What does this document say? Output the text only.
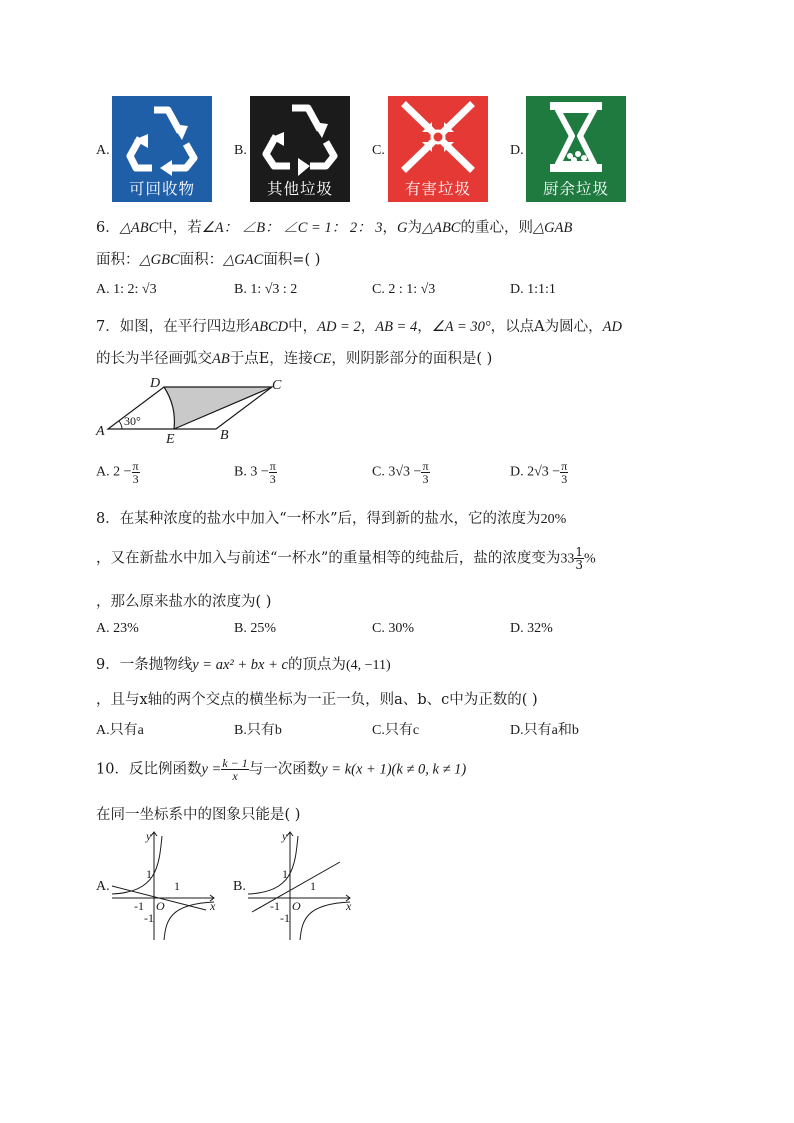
A.
可回收物
B.
其他垃圾
C.
有害垃圾
D.
厨余垃圾
6．△ABC中，若∠A： ∠B： ∠C = 1： 2： 3，G为△ABC的重心，则△GAB
面积：△GBC面积：△GAC面积=( )
A. 1: 2: √3	B. 1: √3 : 2	C. 2 : 1: √3	D. 1:1:1
7．如图，在平行四边形ABCD中，AD = 2，AB = 4，∠A = 30°，以点A为圆心，AD
的长为半径画弧交AB于点E，连接CE，则阴影部分的面积是( )
D	C
A
E	B
30°
A. $2 - \frac{\pi}{3}$	B. $3 - \frac{\pi}{3}$	C. $3√3 - \frac{\pi}{3}$	D. $2√3 - \frac{\pi}{3}$
8．在某种浓度的盐水中加入“一杯水”后，得到新的盐水，它的浓度为20%
，又在新盐水中加入与前述“一杯水”的重量相等的纯盐后，盐的浓度变为$33 \frac{1}{3}$ %
，那么原来盐水的浓度为( )
A. 23%	B. 25%	C. 30%	D. 32%
9．一条抛物线y = ax² + bx + c的顶点为(4, −11)
，且与x轴的两个交点的横坐标为一正一负，则a、b、c中为正数的( )
A.只有a	B.只有b	C.只有c	D.只有a和b
10．反比例函数$y = \frac{k - 1}{x}$ 与一次函数y = k(x + 1)(k ≠ 0, k ≠ 1)
在同一坐标系中的图象只能是( )
A.
y
1
1
-1 O	x
-1
B.
y
1
1
-1 O	x
-1
